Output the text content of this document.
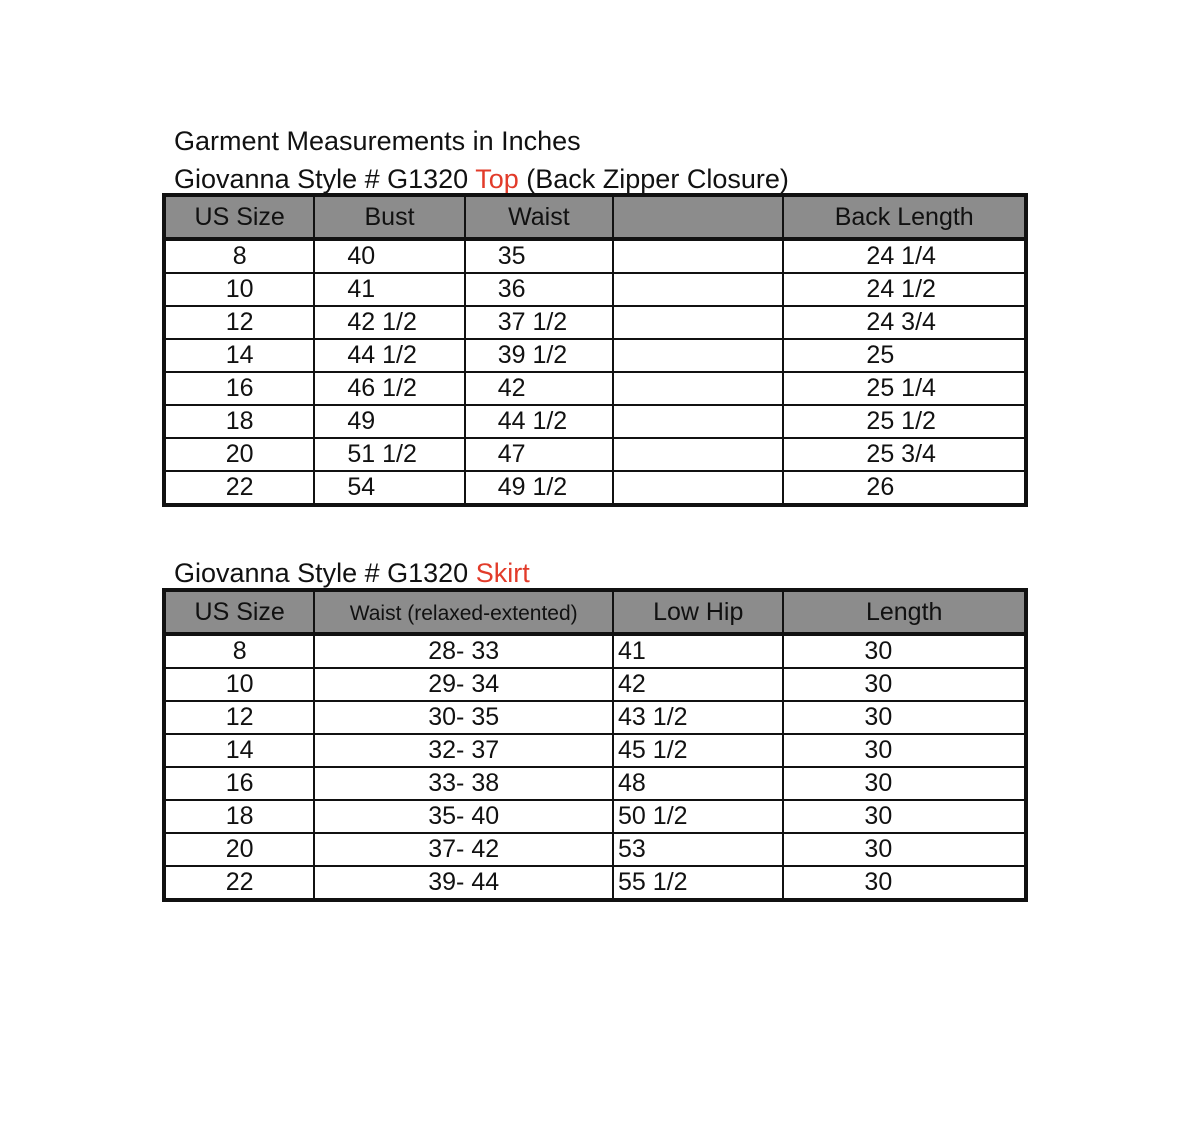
Garment Measurements in Inches
Giovanna Style # G1320 Top (Back Zipper Closure)
US Size	Bust	Waist		Back Length
8	40	35		24 1/4
10	41	36		24 1/2
12	42 1/2	37 1/2		24 3/4
14	44 1/2	39 1/2		25
16	46 1/2	42		25 1/4
18	49	44 1/2		25 1/2
20	51 1/2	47		25 3/4
22	54	49 1/2		26
Giovanna Style # G1320 Skirt
US Size	Waist (relaxed-extented)	Low Hip	Length
8	28- 33	41	30
10	29- 34	42	30
12	30- 35	43 1/2	30
14	32- 37	45 1/2	30
16	33- 38	48	30
18	35- 40	50 1/2	30
20	37- 42	53	30
22	39- 44	55 1/2	30
